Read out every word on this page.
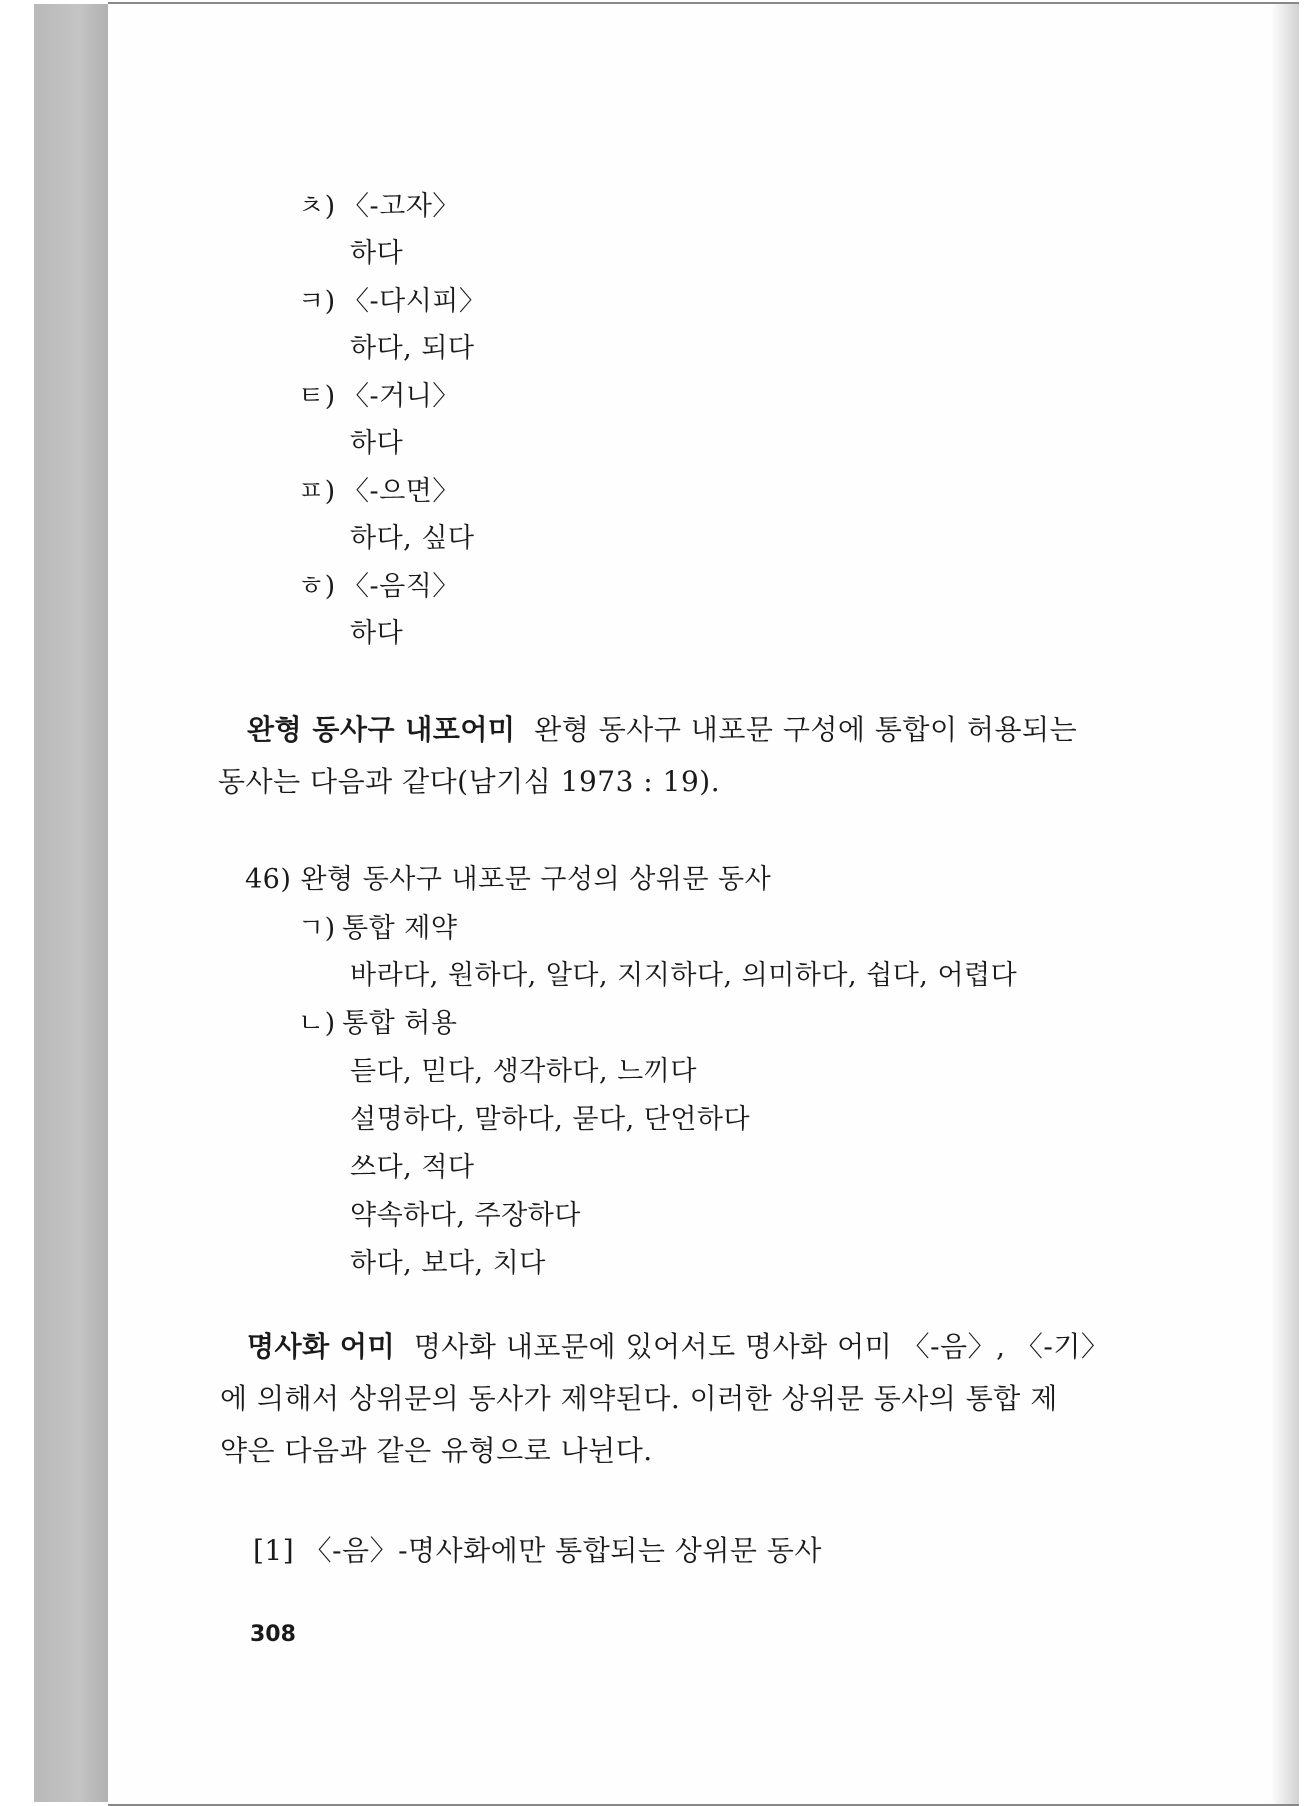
ㅊ) 〈-고자〉
하다
ㅋ) 〈-다시피〉
하다, 되다
ㅌ) 〈-거니〉
하다
ㅍ) 〈-으면〉
하다, 싶다
ㅎ) 〈-음직〉
하다
완형 동사구 내포어미 완형 동사구 내포문 구성에 통합이 허용되는
동사는 다음과 같다(남기심 1973 : 19).
46) 완형 동사구 내포문 구성의 상위문 동사
ㄱ) 통합 제약
바라다, 원하다, 알다, 지지하다, 의미하다, 쉽다, 어렵다
ㄴ) 통합 허용
듣다, 믿다, 생각하다, 느끼다
설명하다, 말하다, 묻다, 단언하다
쓰다, 적다
약속하다, 주장하다
하다, 보다, 치다
명사화 어미 명사화 내포문에 있어서도 명사화 어미 〈-음〉, 〈-기〉
에 의해서 상위문의 동사가 제약된다. 이러한 상위문 동사의 통합 제
약은 다음과 같은 유형으로 나뉜다.
[1] 〈-음〉-명사화에만 통합되는 상위문 동사
308
